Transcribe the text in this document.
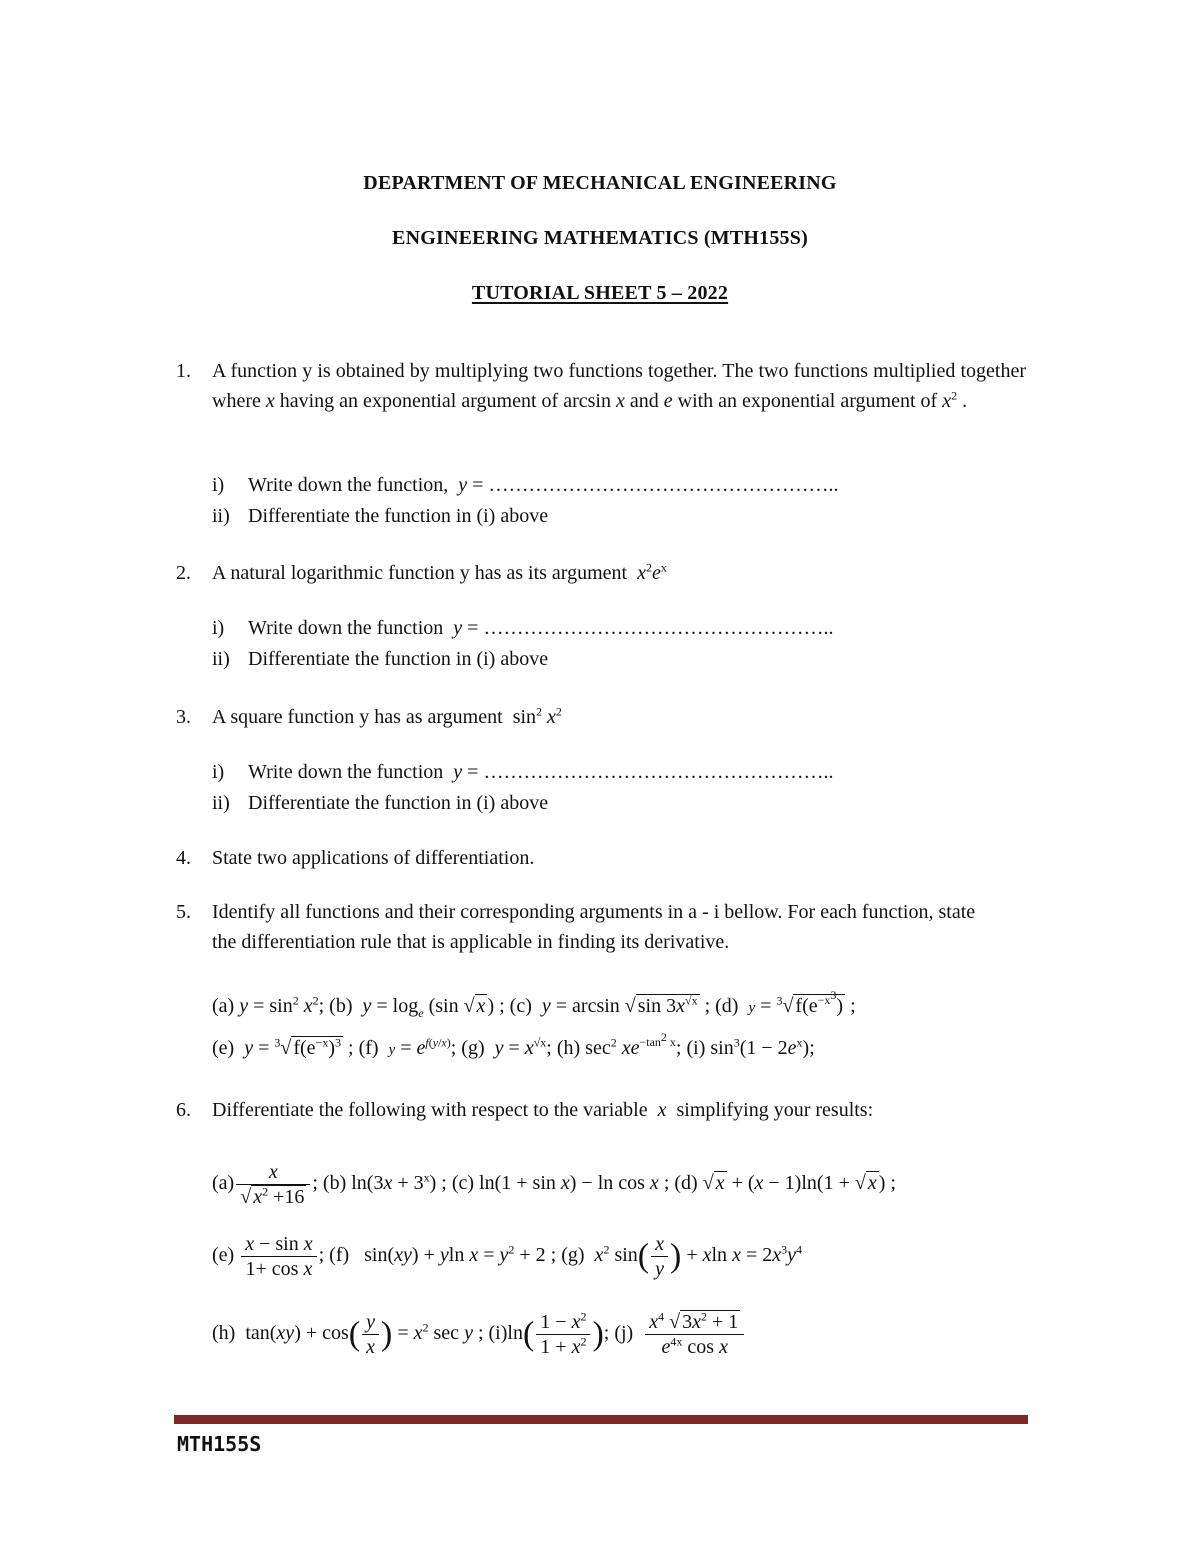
DEPARTMENT OF MECHANICAL ENGINEERING
ENGINEERING MATHEMATICS (MTH155S)
TUTORIAL SHEET 5 – 2022
1.	A function y is obtained by multiplying two functions together. The two functions multiplied together where x having an exponential argument of arcsin x and e with an exponential argument of $x^2$ .
i) Write down the function, y = ……………………………………………..
ii) Differentiate the function in (i) above
2.	A natural logarithmic function y has as its argument $x^2e^x$
i) Write down the function y = ……………………………………………..
ii) Differentiate the function in (i) above
3.	A square function y has as argument  $\sin^2 x^2$
i) Write down the function y = ……………………………………………..
ii) Differentiate the function in (i) above
4.	State two applications of differentiation.
5.	Identify all functions and their corresponding arguments in a - i bellow. For each function, state the differentiation rule that is applicable in finding its derivative.
(a) $y = \sin^2 x^2$; (b)  $y = \log_e (\sin$ √ x ) ; (c)  y = arcsin √ $\sin 3x^{√x}$ ; (d)  y = $^3$√ $f(e^{-x^3})$ ;
(e)  y = $^3$√ $f(e^{-x})^3$ ; (f)  $y = e^{f(y/x)}$; (g)  $y = x^{√x}$; (h) $\sec^2 xe^{-tan^2 x}$; (i) $\sin^3(1 - 2e^x)$;
6.	Differentiate the following with respect to the variable x simplifying your results:
$(a) \frac{x}{√ x^2 +16}$ ; (b) $\ln(3x + 3^x)$ ; (c) ln(1 + sin x) − ln cos x ; (d) √ x + (x − 1)ln(1 + √ x ) ;
$(e) \frac{\text{x − sin x}}{\text{1+ cos x}}$ ; (f)   sin(xy) + yln $x = y^2 + 2$ ; (g)  $x^2$ $\sin( \frac{x}{y}$ ) + xln $x = 2x^3y^4$
(h)  $\tan(xy) + \cos( \frac{y}{x}$ ) = $x^2$ sec y ; $(i)\ln( \frac{1 - x^2}{1 + x^2}$ ); $(j) \frac{x^4 √ 3x^2 + 1}{e^{4x} \cos x}$
MTH155S
